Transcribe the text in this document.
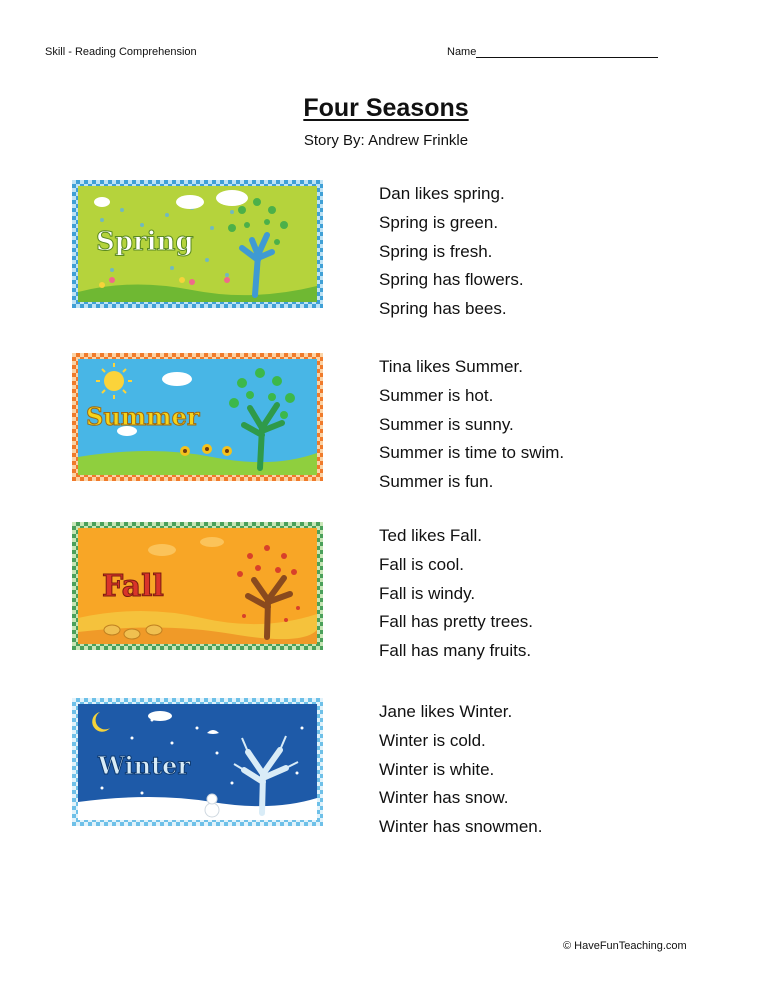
Skill - Reading Comprehension	Name
Four Seasons
Story By: Andrew Frinkle
Spring
Dan likes spring.
Spring is green.
Spring is fresh.
Spring has flowers.
Spring has bees.
Summer
Tina likes Summer.
Summer is hot.
Summer is sunny.
Summer is time to swim.
Summer is fun.
Fall
Ted likes Fall.
Fall is cool.
Fall is windy.
Fall has pretty trees.
Fall has many fruits.
Winter
Jane likes Winter.
Winter is cold.
Winter is white.
Winter has snow.
Winter has snowmen.
© HaveFunTeaching.com
